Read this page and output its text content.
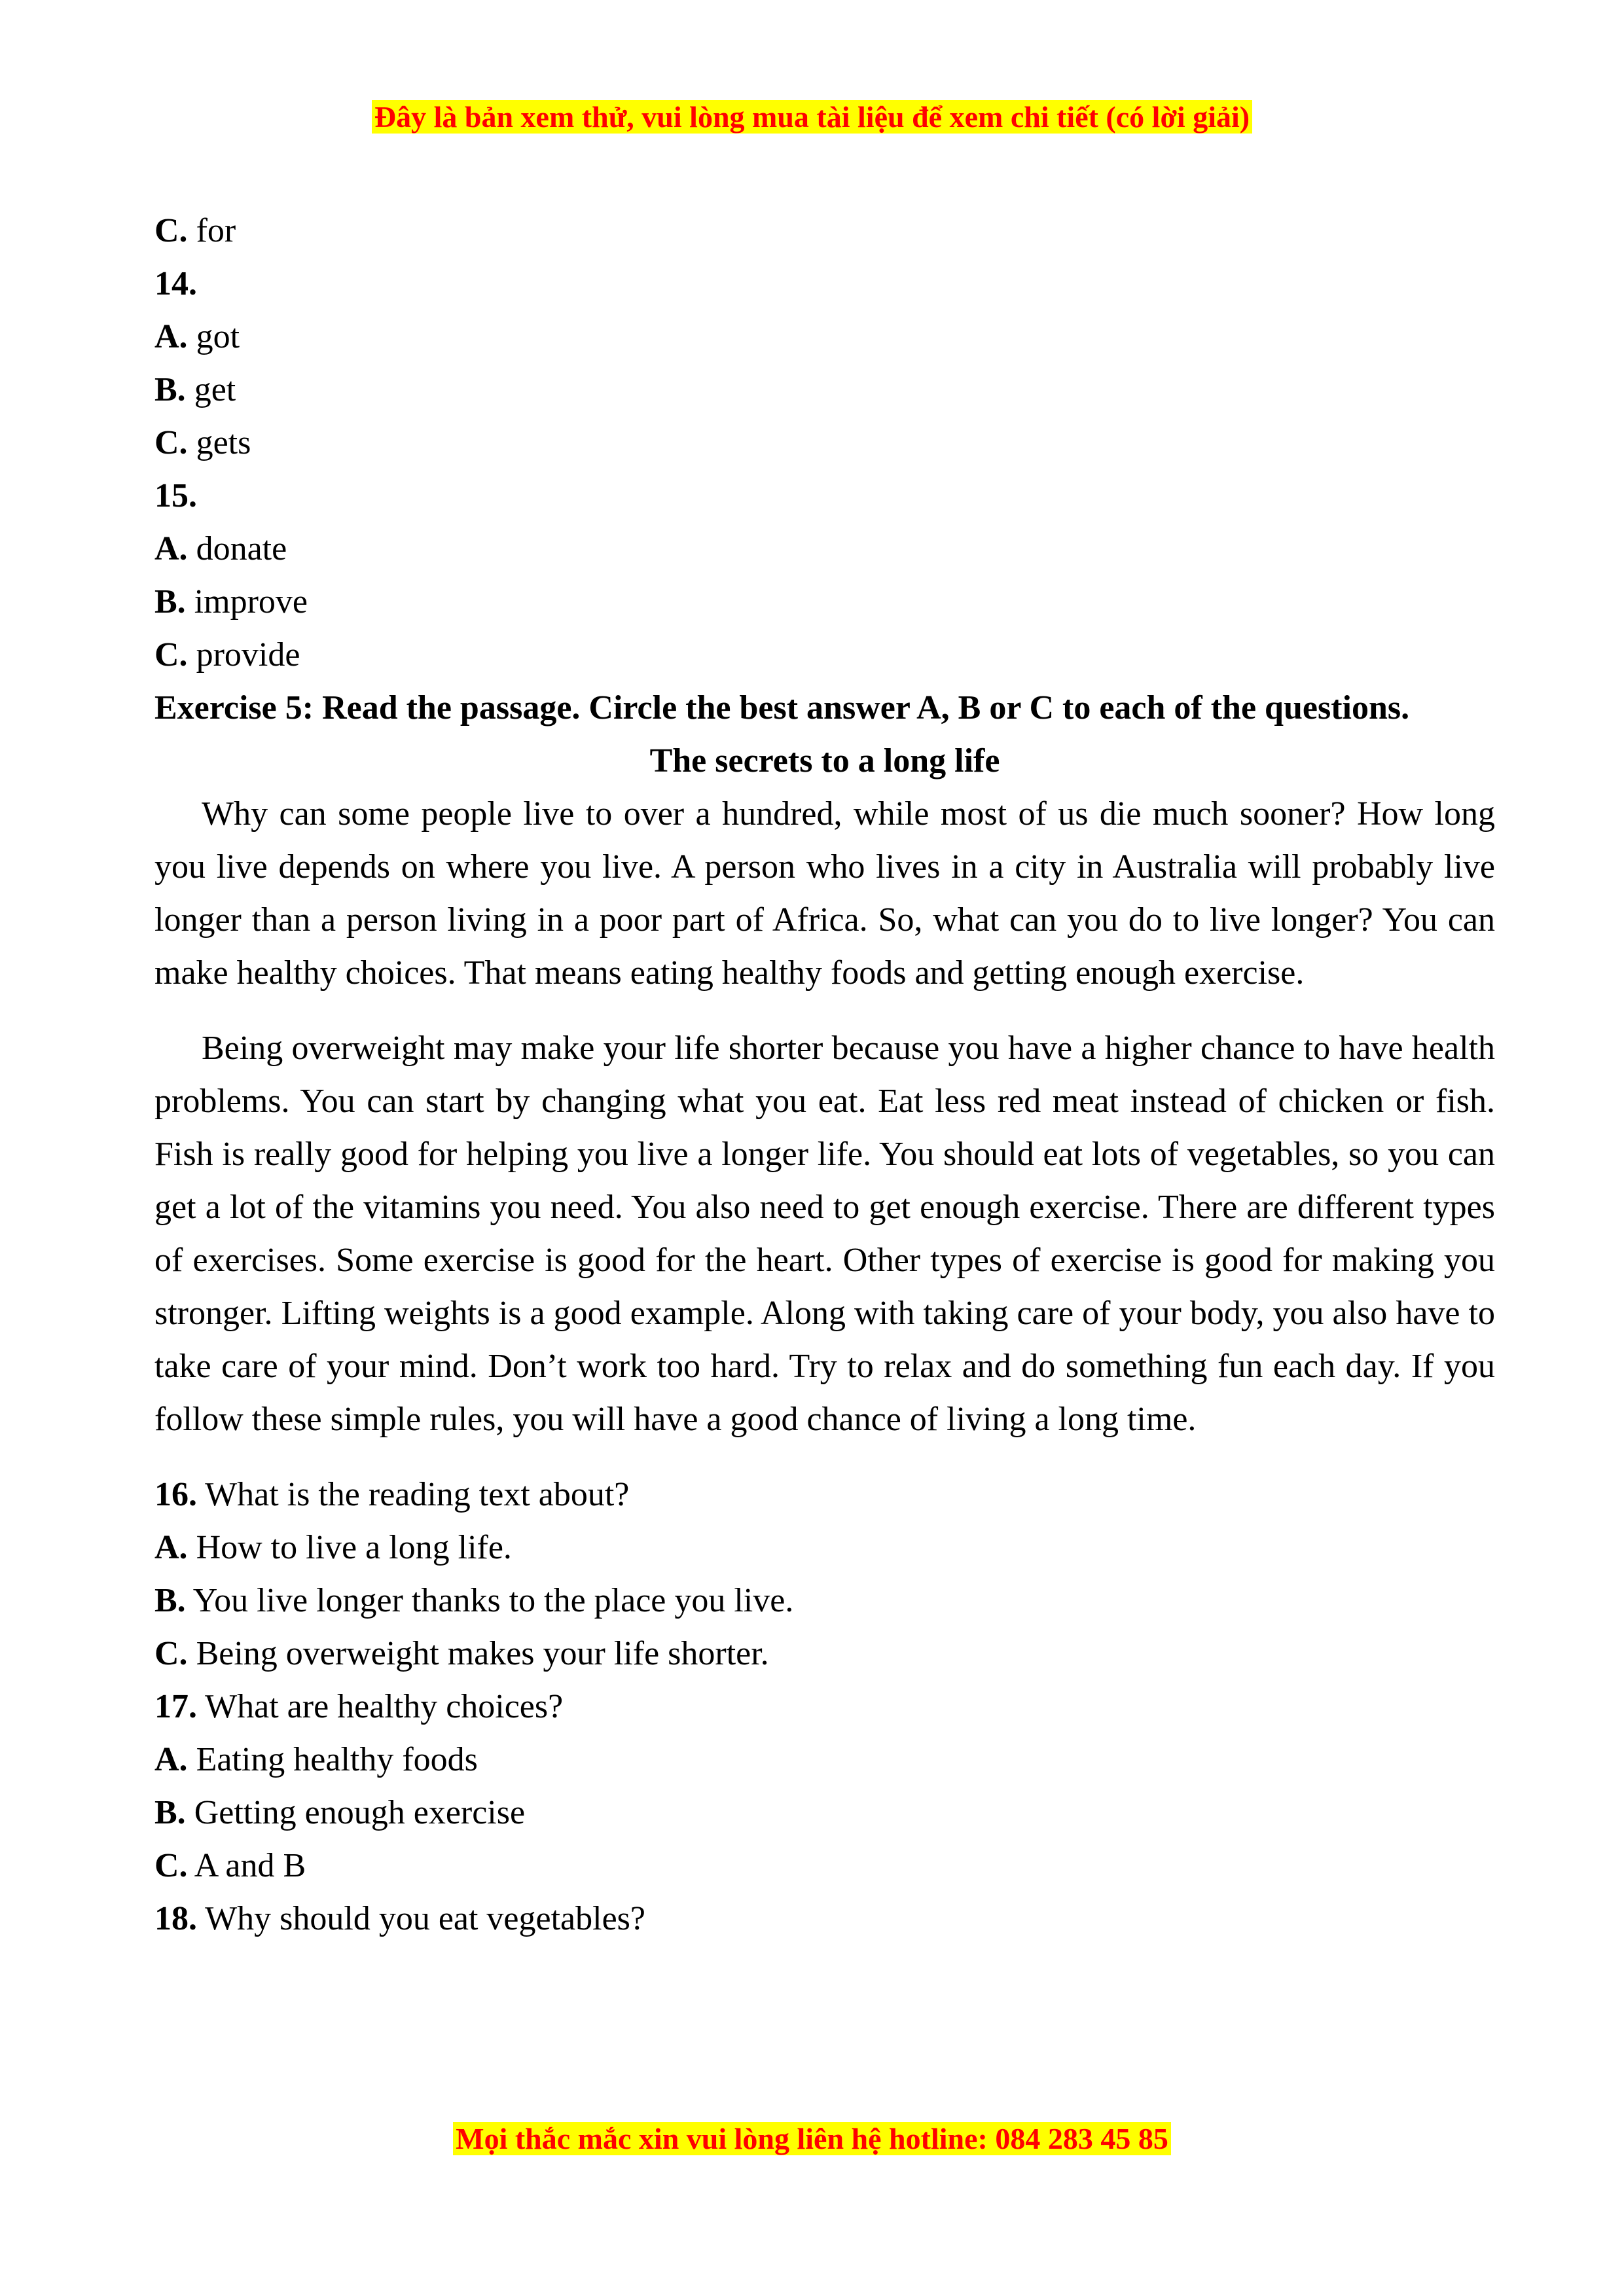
Đây là bản xem thử, vui lòng mua tài liệu để xem chi tiết (có lời giải)

C. for

14.

A. got

B. get

C. gets

15.

A. donate

B. improve

C. provide

Exercise 5: Read the passage. Circle the best answer A, B or C to each of the questions.

The secrets to a long life

Why can some people live to over a hundred, while most of us die much sooner? How long you live depends on where you live. A person who lives in a city in Australia will probably live longer than a person living in a poor part of Africa. So, what can you do to live longer? You can make healthy choices. That means eating healthy foods and getting enough exercise.

Being overweight may make your life shorter because you have a higher chance to have health problems. You can start by changing what you eat. Eat less red meat instead of chicken or fish. Fish is really good for helping you live a longer life. You should eat lots of vegetables, so you can get a lot of the vitamins you need. You also need to get enough exercise. There are different types of exercises. Some exercise is good for the heart. Other types of exercise is good for making you stronger. Lifting weights is a good example. Along with taking care of your body, you also have to take care of your mind. Don’t work too hard. Try to relax and do something fun each day. If you follow these simple rules, you will have a good chance of living a long time.

16. What is the reading text about?

A. How to live a long life.

B. You live longer thanks to the place you live.

C. Being overweight makes your life shorter.

17. What are healthy choices?

A. Eating healthy foods

B. Getting enough exercise

C. A and B

18. Why should you eat vegetables?

Mọi thắc mắc xin vui lòng liên hệ hotline: 084 283 45 85
